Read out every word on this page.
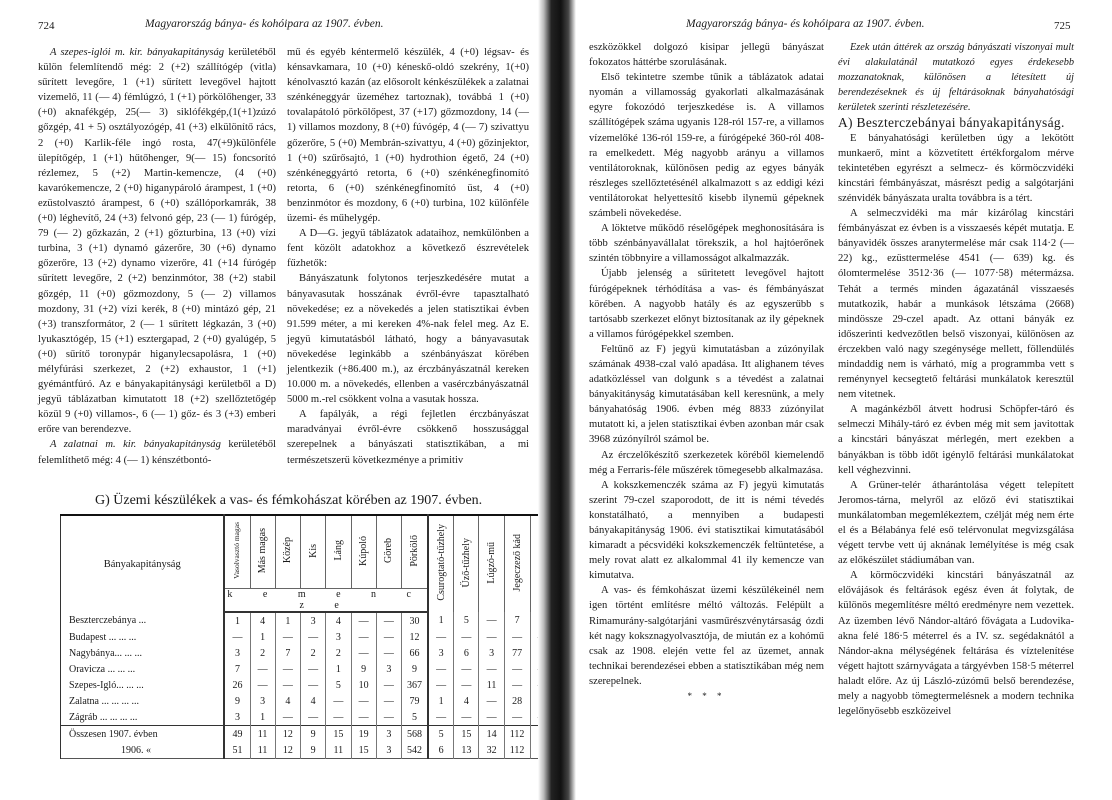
724	Magyarország bánya- és kohóipara az 1907. évben.

A szepes-iglói m. kir. bányakapitányság kerületéből külön felemlítendő még: 2 (+2) szállítógép (vitla) sűrített levegőre, 1 (+1) sűrített levegővel hajtott vizemelő, 11 (— 4) fémlúgzó, 1 (+1) pörkölőhenger, 33 (+0) aknafékgép, 25(— 3) siklófékgép,(1(+1)zúzó gőzgép, 41 + 5) osztályozógép, 41 (+3) elkülönítő rács, 2 (+0) Karlik-féle ingó rosta, 47(+9)különféle ülepítőgép, 1 (+1) hűtőhenger, 9(— 15) foncsorító rézlemez, 5 (+2) Martin-kemencze, (4 (+0) kavarókemencze, 2 (+0) higanypároló árampest, 1 (+0) ezüstolvasztó árampest, 6 (+0) szállóporkamrák, 38 (+0) léghevítő, 24 (+3) felvonó gép, 23 (— 1) fúrógép, 79 (— 2) gőzkazán, 2 (+1) gőzturbina, 13 (+0) vízi turbina, 3 (+1) dynamó gázerőre, 30 (+6) dynamo gőzerőre, 13 (+2) dynamo vizerőre, 41 (+14 fúrógép sűrített levegőre, 2 (+2) benzinmótor, 38 (+2) stabil gőzgép, 11 (+0) gőzmozdony, 5 (— 2) villamos mozdony, 31 (+2) vízi kerék, 8 (+0) mintázó gép, 21 (+3) transzformátor, 2 (— 1 sűrített légkazán, 3 (+0) lyukasztógép, 15 (+1) esztergapad, 2 (+0) gyalúgép, 5 (+0) sűrítő toronypár higanylecsapolásra, 1 (+0) mélyfúrási szerkezet, 2 (+2) exhaustor, 1 (+1) gyémántfúró. Az e bányakapitánysági kerületből a D) jegyü táblázatban kimutatott 18 (+2) szellőztetőgép közül 9 (+0) villamos-, 6 (— 1) gőz- és 3 (+3) emberi erőre van berendezve.

A zalatnai m. kir. bányakapitányság kerületéből felemlíthető még: 4 (— 1) kénszétbontó-

mű és egyéb kéntermelő készülék, 4 (+0) légsav- és kénsavkamara, 10 (+0) kéneskő-oldó szekrény, 1(+0) kénolvasztó kazán (az elősorolt kénkészülékek a zalatnai szénkéneggyár üzeméhez tartoznak), továbbá 1 (+0) tovalapátoló pörkölőpest, 37 (+17) gőzmozdony, 14 (— 1) villamos mozdony, 8 (+0) fúvógép, 4 (— 7) szivattyu gőzerőre, 5 (+0) Membrán-szivattyu, 4 (+0) gőzinjektor, 1 (+0) szűrősajtó, 1 (+0) hydrothion égető, 24 (+0) szénkéneggyártó retorta, 6 (+0) szénkénegfinomító retorta, 6 (+0) szénkénegfinomító üst, 4 (+0) benzinmótor és mozdony, 6 (+0) turbina, 102 különféle üzemi- és műhelygép.

A D—G. jegyü táblázatok adataihoz, nemkülönben a fent közölt adatokhoz a következő észrevételek fűzhetők:

Bányászatunk folytonos terjeszkedésére mutat a bányavasutak hosszának évről-évre tapasztalható növekedése; ez a növekedés a jelen statisztikai évben 91.599 méter, a mi kereken 4%-nak felel meg. Az E. jegyü kimutatásból látható, hogy a bányavasutak növekedése leginkább a szénbányászat körében jelentkezik (+86.400 m.), az érczbányászatnál kereken 10.000 m. a növekedés, ellenben a vasérczbányászatnál 5000 m.-rel csökkent volna a vasutak hossza.

A fapályák, a régi fejletlen érczbányászat maradványai évről-évre csökkenő hosszusággal szerepelnek a bányászati statisztikában, a mi természetszerü következménye a primitiv

G) Üzemi készülékek a vas- és fémkohászat körében az 1907. évben.
Bányakapitányság	Vasolvasztó magas	Más magas	Közép	Kis	Láng	Kúpoló	Göreb	Pörkölő	Csurogtató-tűzhely	Űző-tűzhely	Lúgzó-mű	Jegeczező kád	
k e m e n c z e
Beszterczebánya ...	1	4	1	3	4	—	—	30	1	5	—	7	
Budapest ... ... ...	—	1	—	—	3	—	—	12	—	—	—	—	
Nagybánya... ... ...	3	2	7	2	2	—	—	66	3	6	3	77	
Oravicza ... ... ...	7	—	—	—	1	9	3	9	—	—	—	—	
Szepes-Igló... ... ...	26	—	—	—	5	10	—	367	—	—	11	—	
Zalatna ... ... ... ...	9	3	4	4	—	—	—	79	1	4	—	28	
Zágráb ... ... ... ...	3	1	—	—	—	—	—	5	—	—	—	—	
Összesen 1907. évben	49	11	12	9	15	19	3	568	5	15	14	112	
1906. «	51	11	12	9	11	15	3	542	6	13	32	112	
Magyarország bánya- és kohóipara az 1907. évben.	725

eszközökkel dolgozó kisipar jellegü bányászat fokozatos háttérbe szorulásának.

Első tekintetre szembe tűnik a táblázatok adatai nyomán a villamosság gyakorlati alkalmazásának egyre fokozódó terjeszkedése is. A villamos szállítógépek száma ugyanis 128-ról 157-re, a villamos vízemelőké 136-ról 159-re, a fúrógépeké 360-ról 408-ra emelkedett. Még nagyobb arányu a villamos ventilátoroknak, különösen pedig az egyes bányák részleges szellőztetésénél alkalmazott s az eddigi kézi ventilátorokat helyettesítő kisebb ilynemü gépeknek számbeli növekedése.

A löktetve működő réselőgépek meghonosítására is több szénbányavállalat törekszik, a hol hajtóerőnek szintén többnyire a villamosságot alkalmazzák.

Újabb jelenség a sűritetett levegővel hajtott fúrógépeknek térhódítása a vas- és fémbányászat körében. A nagyobb hatály és az egyszerűbb s tartósabb szerkezet előnyt biztosítanak az ily gépeknek a villamos fúrógépekkel szemben.

Feltűnő az F) jegyü kimutatásban a zúzónyilak számának 4938-czal való apadása. Itt alighanem téves adatközléssel van dolgunk s a tévedést a zalatnai bányakitányság kimutatásában kell keresnünk, a mely bányahatóság 1906. évben még 8833 zúzónyilat mutatott ki, a jelen statisztikai évben azonban már csak 3968 zúzónyílról számol be.

Az érczelőkészítő szerkezetek köréből kiemelendő még a Ferraris-féle műszérek tömegesebb alkalmazása.

A kokszkemenczék száma az F) jegyü kimutatás szerint 79-czel szaporodott, de itt is némi tévedés konstatálható, a mennyiben a budapesti bányakapitányság 1906. évi statisztikai kimutatásából kimaradt a pécsvidéki kokszkemenczék feltüntetése, a mely rovat alatt ez alkalommal 41 ily kemencze van kimutatva.

A vas- és fémkohászat üzemi készülékeinél nem igen történt említésre méltó változás. Felépült a Rimamurány-salgótarjáni vasműrészvénytársaság ózdi két nagy koksznagyolvasztója, de miután ez a kohómű csak az 1908. elején vette fel az üzemet, annak technikai berendezései ebben a statisztikában még nem szerepelnek.

* * *

Ezek után áttérek az ország bányászati viszonyai mult évi alakulatánál mutatkozó egyes érdekesebb mozzanatoknak, különösen a létesített új berendezéseknek és új feltárásoknak bányahatósági kerületek szerinti részletezésére.

A) Beszterczebányai bányakapitányság.

E bányahatósági kerületben úgy a lekötött munkaerő, mint a közvetített értékforgalom mérve tekintetében egyrészt a selmecz- és körmöczvidéki kincstári fémbányászat, másrészt pedig a salgótarjáni szénvidék bányászata uralta továbbra is a tért.

A selmeczvidéki ma már kizárólag kincstári fémbányászat ez évben is a visszaesés képét mutatja. E bányavidék összes aranytermelése már csak 114·2 (— 22) kg., ezüsttermelése 4541 (— 639) kg. és ólomtermelése 3512·36 (— 1077·58) métermázsa. Tehát a termés minden ágazatánál visszaesés mutatkozik, habár a munkások létszáma (2668) mindössze 29-czel apadt. Az ottani bányák ez időszerinti kedvezőtlen belső viszonyai, különösen az érczekben való nagy szegénysége mellett, föllendülés mindaddig nem is várható, míg a programmba vett s reménynyel kecsegtető feltárási munkálatok keresztül nem vitetnek.

A magánkézből átvett hodrusi Schöpfer-táró és selmeczi Mihály-táró ez évben még mit sem javitottak a kincstári bányászat mérlegén, mert ezekben a bányákban is több időt igénylő feltárási munkálatokat kell véghezvinni.

A Grüner-telér átharántolása végett telepített Jeromos-tárna, melyről az előző évi statisztikai munkálatomban megemlékeztem, czélját még nem érte el és a Bélabánya felé eső telérvonulat megvizsgálása végett tervbe vett új aknának lemélyítése is még csak az előkészület stádiumában van.

A körmöczvidéki kincstári bányászatnál az elővájások és feltárások egész éven át folytak, de különös megemlítésre méltó eredményre nem vezettek. Az üzemben lévő Nándor-altáró fővágata a Ludovika-akna felé 186·5 méterrel és a IV. sz. segédaknától a Nándor-akna mélységének feltárása és víztelenítése végett hajtott szárnyvágata a tárgyévben 158·5 méterrel haladt előre. Az új László-zúzómű belső berendezése, mely a nagyobb tömegtermelésnek a modern technika legelőnyösebb eszközeivel
